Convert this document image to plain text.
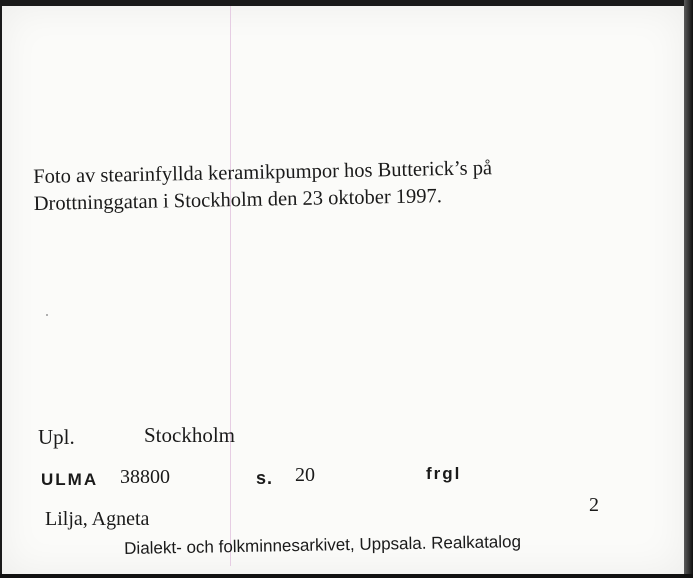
Foto av stearinfyllda keramikpumpor hos Butterick’s på
Drottninggatan i Stockholm den 23 oktober 1997.
Upl.	Stockholm
ULMA 38800	s. 20	frgl
Lilja, Agneta
2
Dialekt- och folkminnesarkivet, Uppsala. Realkatalog
